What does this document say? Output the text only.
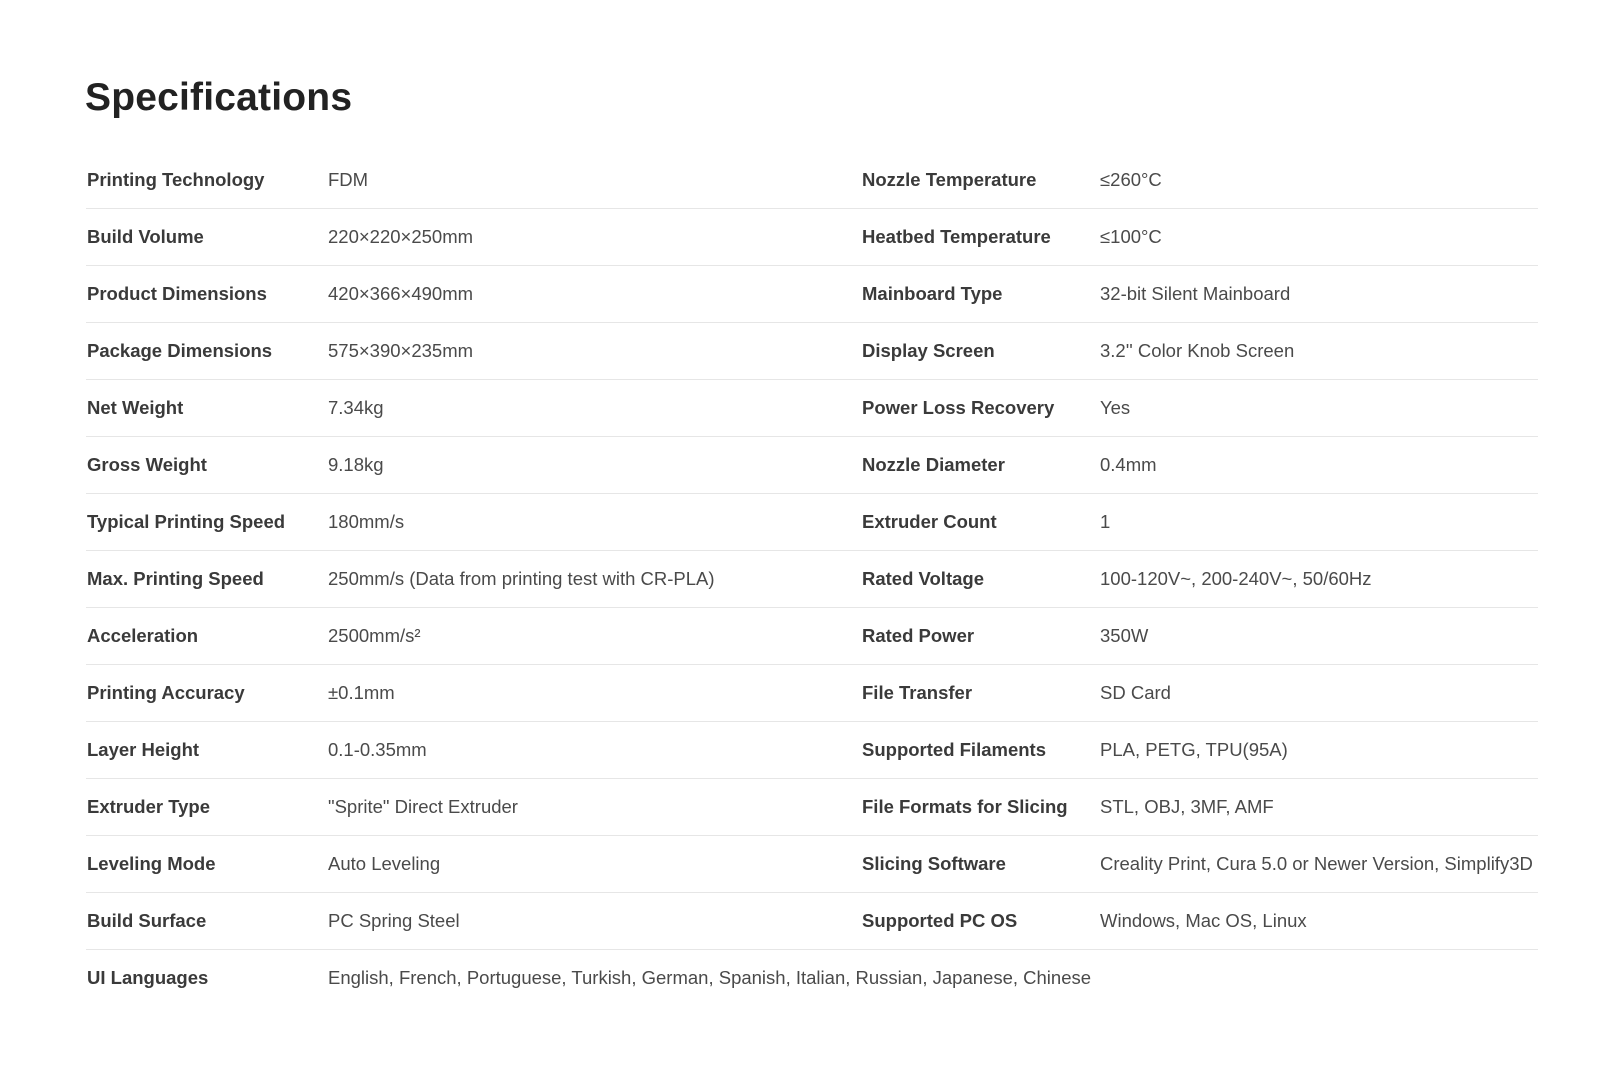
Specifications
Printing Technology	FDM	Nozzle Temperature	≤260°C
Build Volume	220×220×250mm	Heatbed Temperature	≤100°C
Product Dimensions	420×366×490mm	Mainboard Type	32-bit Silent Mainboard
Package Dimensions	575×390×235mm	Display Screen	3.2'' Color Knob Screen
Net Weight	7.34kg	Power Loss Recovery Yes
Gross Weight	9.18kg	Nozzle Diameter	0.4mm
Typical Printing Speed 180mm/s	Extruder Count	1
Max. Printing Speed	250mm/s (Data from printing test with CR-PLA)	Rated Voltage	100-120V~, 200-240V~, 50/60Hz
Acceleration	2500mm/s²	Rated Power	350W
Printing Accuracy	±0.1mm	File Transfer	SD Card
Layer Height	0.1-0.35mm	Supported Filaments	PLA, PETG, TPU(95A)
Extruder Type	"Sprite" Direct Extruder	File Formats for Slicing STL, OBJ, 3MF, AMF
Leveling Mode	Auto Leveling	Slicing Software	Creality Print, Cura 5.0 or Newer Version, Simplify3D
Build Surface	PC Spring Steel	Supported PC OS	Windows, Mac OS, Linux
UI Languages	English, French, Portuguese, Turkish, German, Spanish, Italian, Russian, Japanese, Chinese
